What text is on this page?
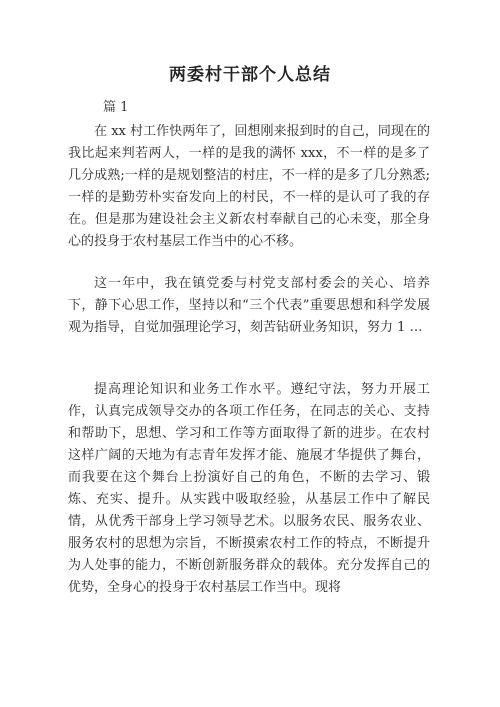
两委村干部个人总结
篇 1

在 xx 村工作快两年了，回想刚来报到时的自己，同现在的我比起来判若两人，一样的是我的满怀 xxx，不一样的是多了几分成熟;一样的是规划整洁的村庄，不一样的是多了几分熟悉;一样的是勤劳朴实奋发向上的村民，不一样的是认可了我的存在。但是那为建设社会主义新农村奉献自己的心未变，那全身心的投身于农村基层工作当中的心不移。

这一年中，我在镇党委与村党支部村委会的关心、培养下，静下心思工作，坚持以和“三个代表”重要思想和科学发展观为指导，自觉加强理论学习，刻苦钻研业务知识，努力 1 …

提高理论知识和业务工作水平。遵纪守法，努力开展工作，认真完成领导交办的各项工作任务，在同志的关心、支持和帮助下，思想、学习和工作等方面取得了新的进步。在农村这样广阔的天地为有志青年发挥才能、施展才华提供了舞台，而我要在这个舞台上扮演好自己的角色，不断的去学习、锻炼、充实、提升。从实践中吸取经验，从基层工作中了解民情，从优秀干部身上学习领导艺术。以服务农民、服务农业、服务农村的思想为宗旨，不断摸索农村工作的特点，不断提升为人处事的能力，不断创新服务群众的载体。充分发挥自己的优势，全身心的投身于农村基层工作当中。现将
